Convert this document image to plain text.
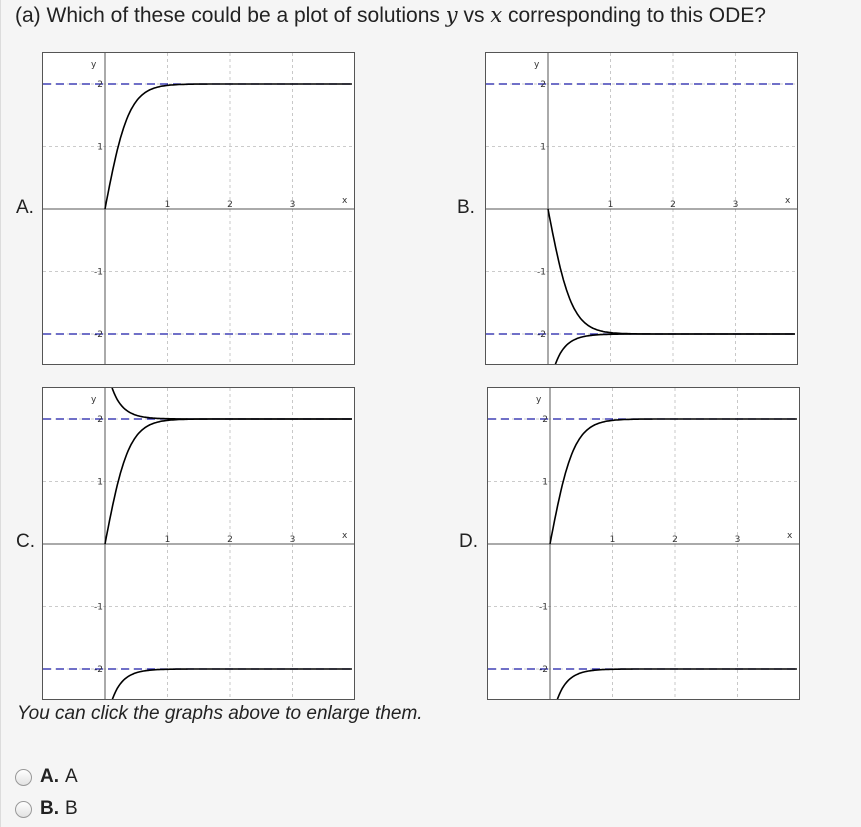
(a) Which of these could be a plot of solutions y vs x corresponding to this ODE?
A.	1	2	3
2
1
-1
-2
x
y
B.	1	2	3
2
1
-1
-2
x
y
C.	1	2	3
2
1
-1
-2
x
y
D.	1	2	3
2
1
-1
-2
x
y
You can click the graphs above to enlarge them.
A. A
B. B
